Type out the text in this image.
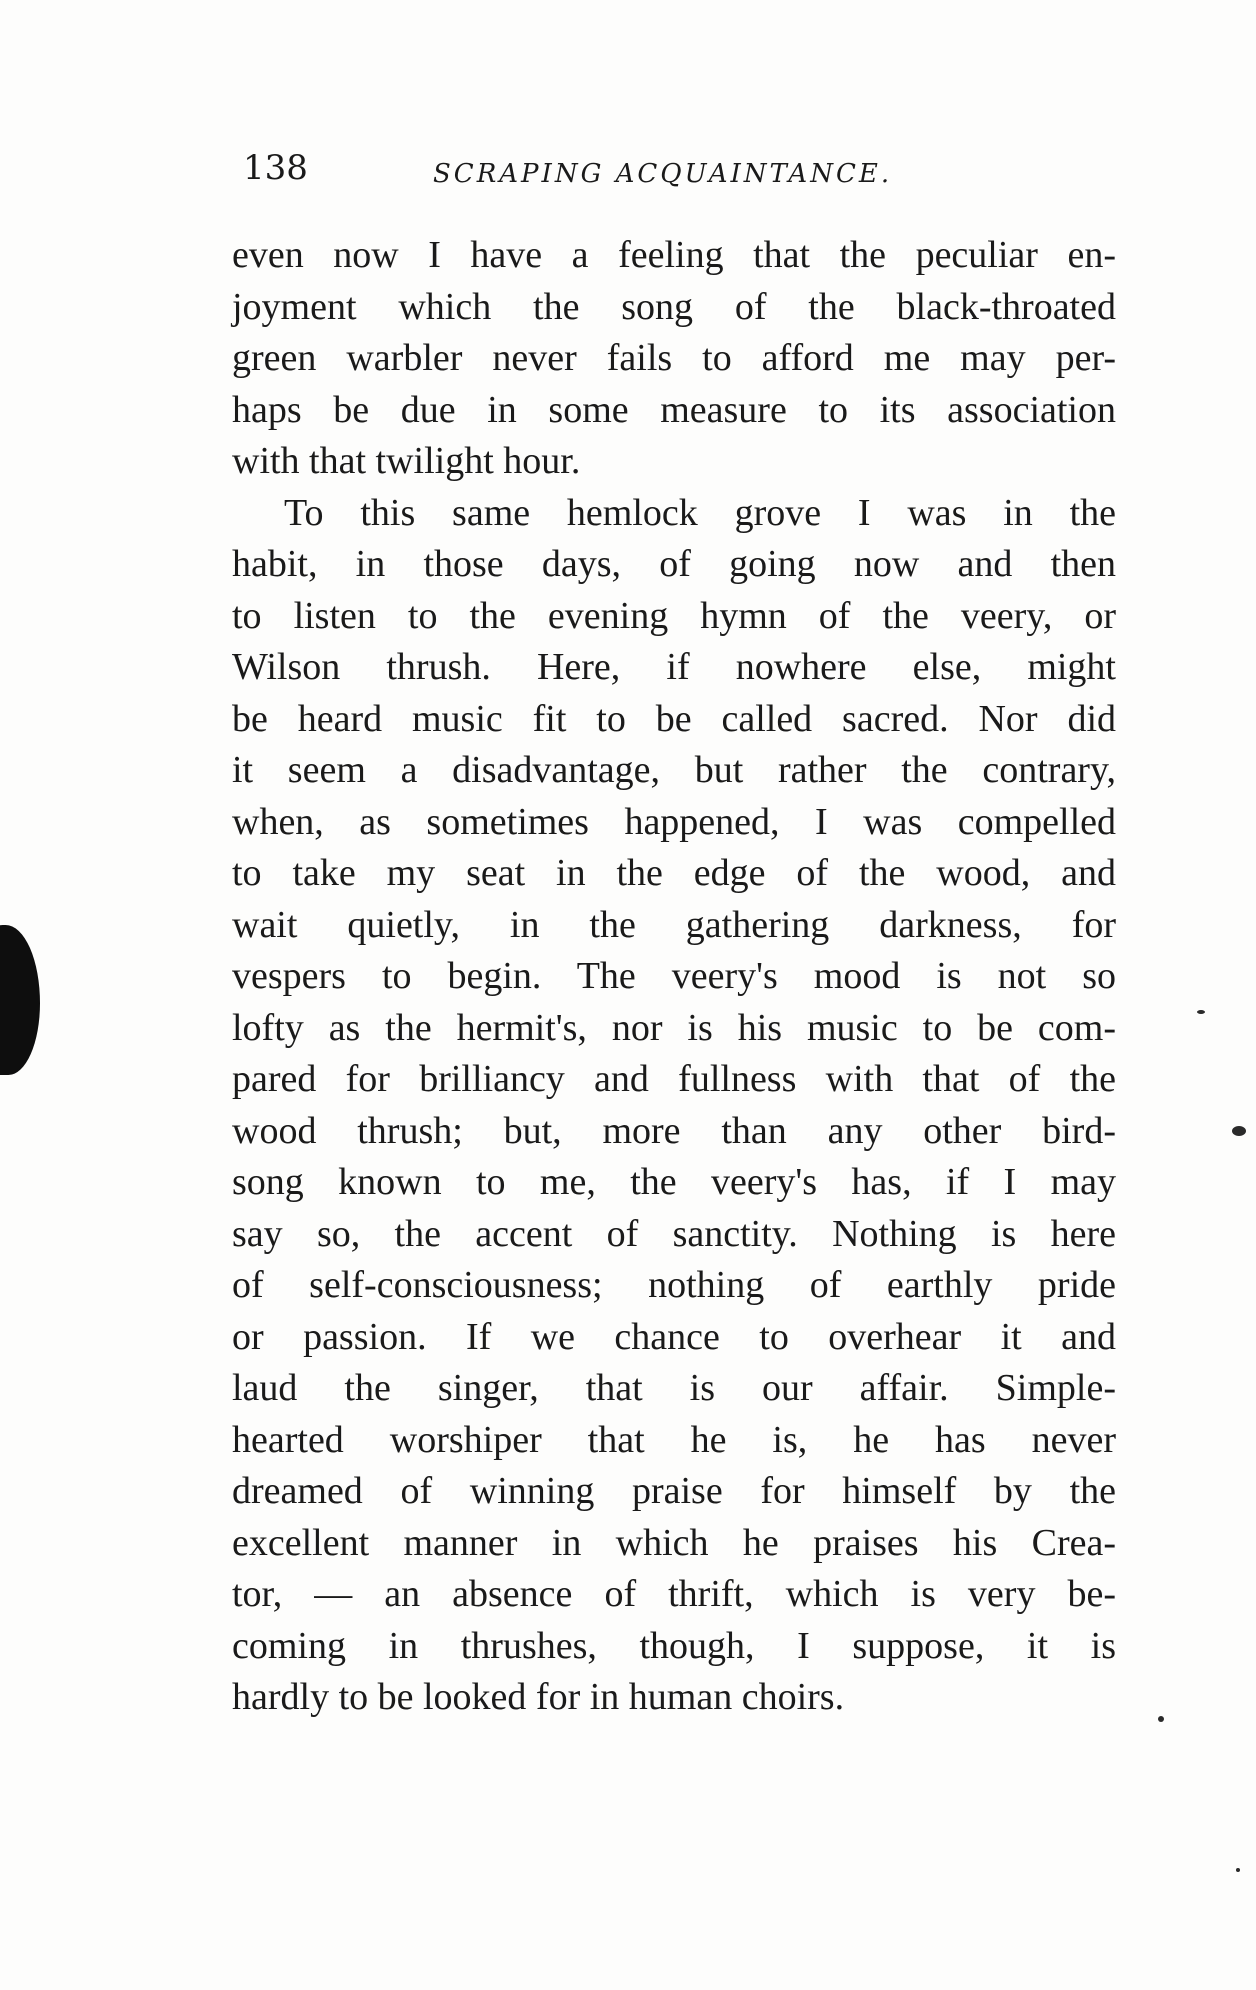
138	SCRAPING ACQUAINTANCE.
even now I have a feeling that the peculiar en-
joyment which the song of the black-throated
green warbler never fails to afford me may per-
haps be due in some measure to its association
with that twilight hour.
To this same hemlock grove I was in the
habit, in those days, of going now and then
to listen to the evening hymn of the veery, or
Wilson thrush. Here, if nowhere else, might
be heard music fit to be called sacred. Nor did
it seem a disadvantage, but rather the contrary,
when, as sometimes happened, I was compelled
to take my seat in the edge of the wood, and
wait quietly, in the gathering darkness, for
vespers to begin. The veery's mood is not so
lofty as the hermit's, nor is his music to be com-
pared for brilliancy and fullness with that of the
wood thrush; but, more than any other bird-
song known to me, the veery's has, if I may
say so, the accent of sanctity. Nothing is here
of self-consciousness; nothing of earthly pride
or passion. If we chance to overhear it and
laud the singer, that is our affair. Simple-
hearted worshiper that he is, he has never
dreamed of winning praise for himself by the
excellent manner in which he praises his Crea-
tor, — an absence of thrift, which is very be-
coming in thrushes, though, I suppose, it is
hardly to be looked for in human choirs.
